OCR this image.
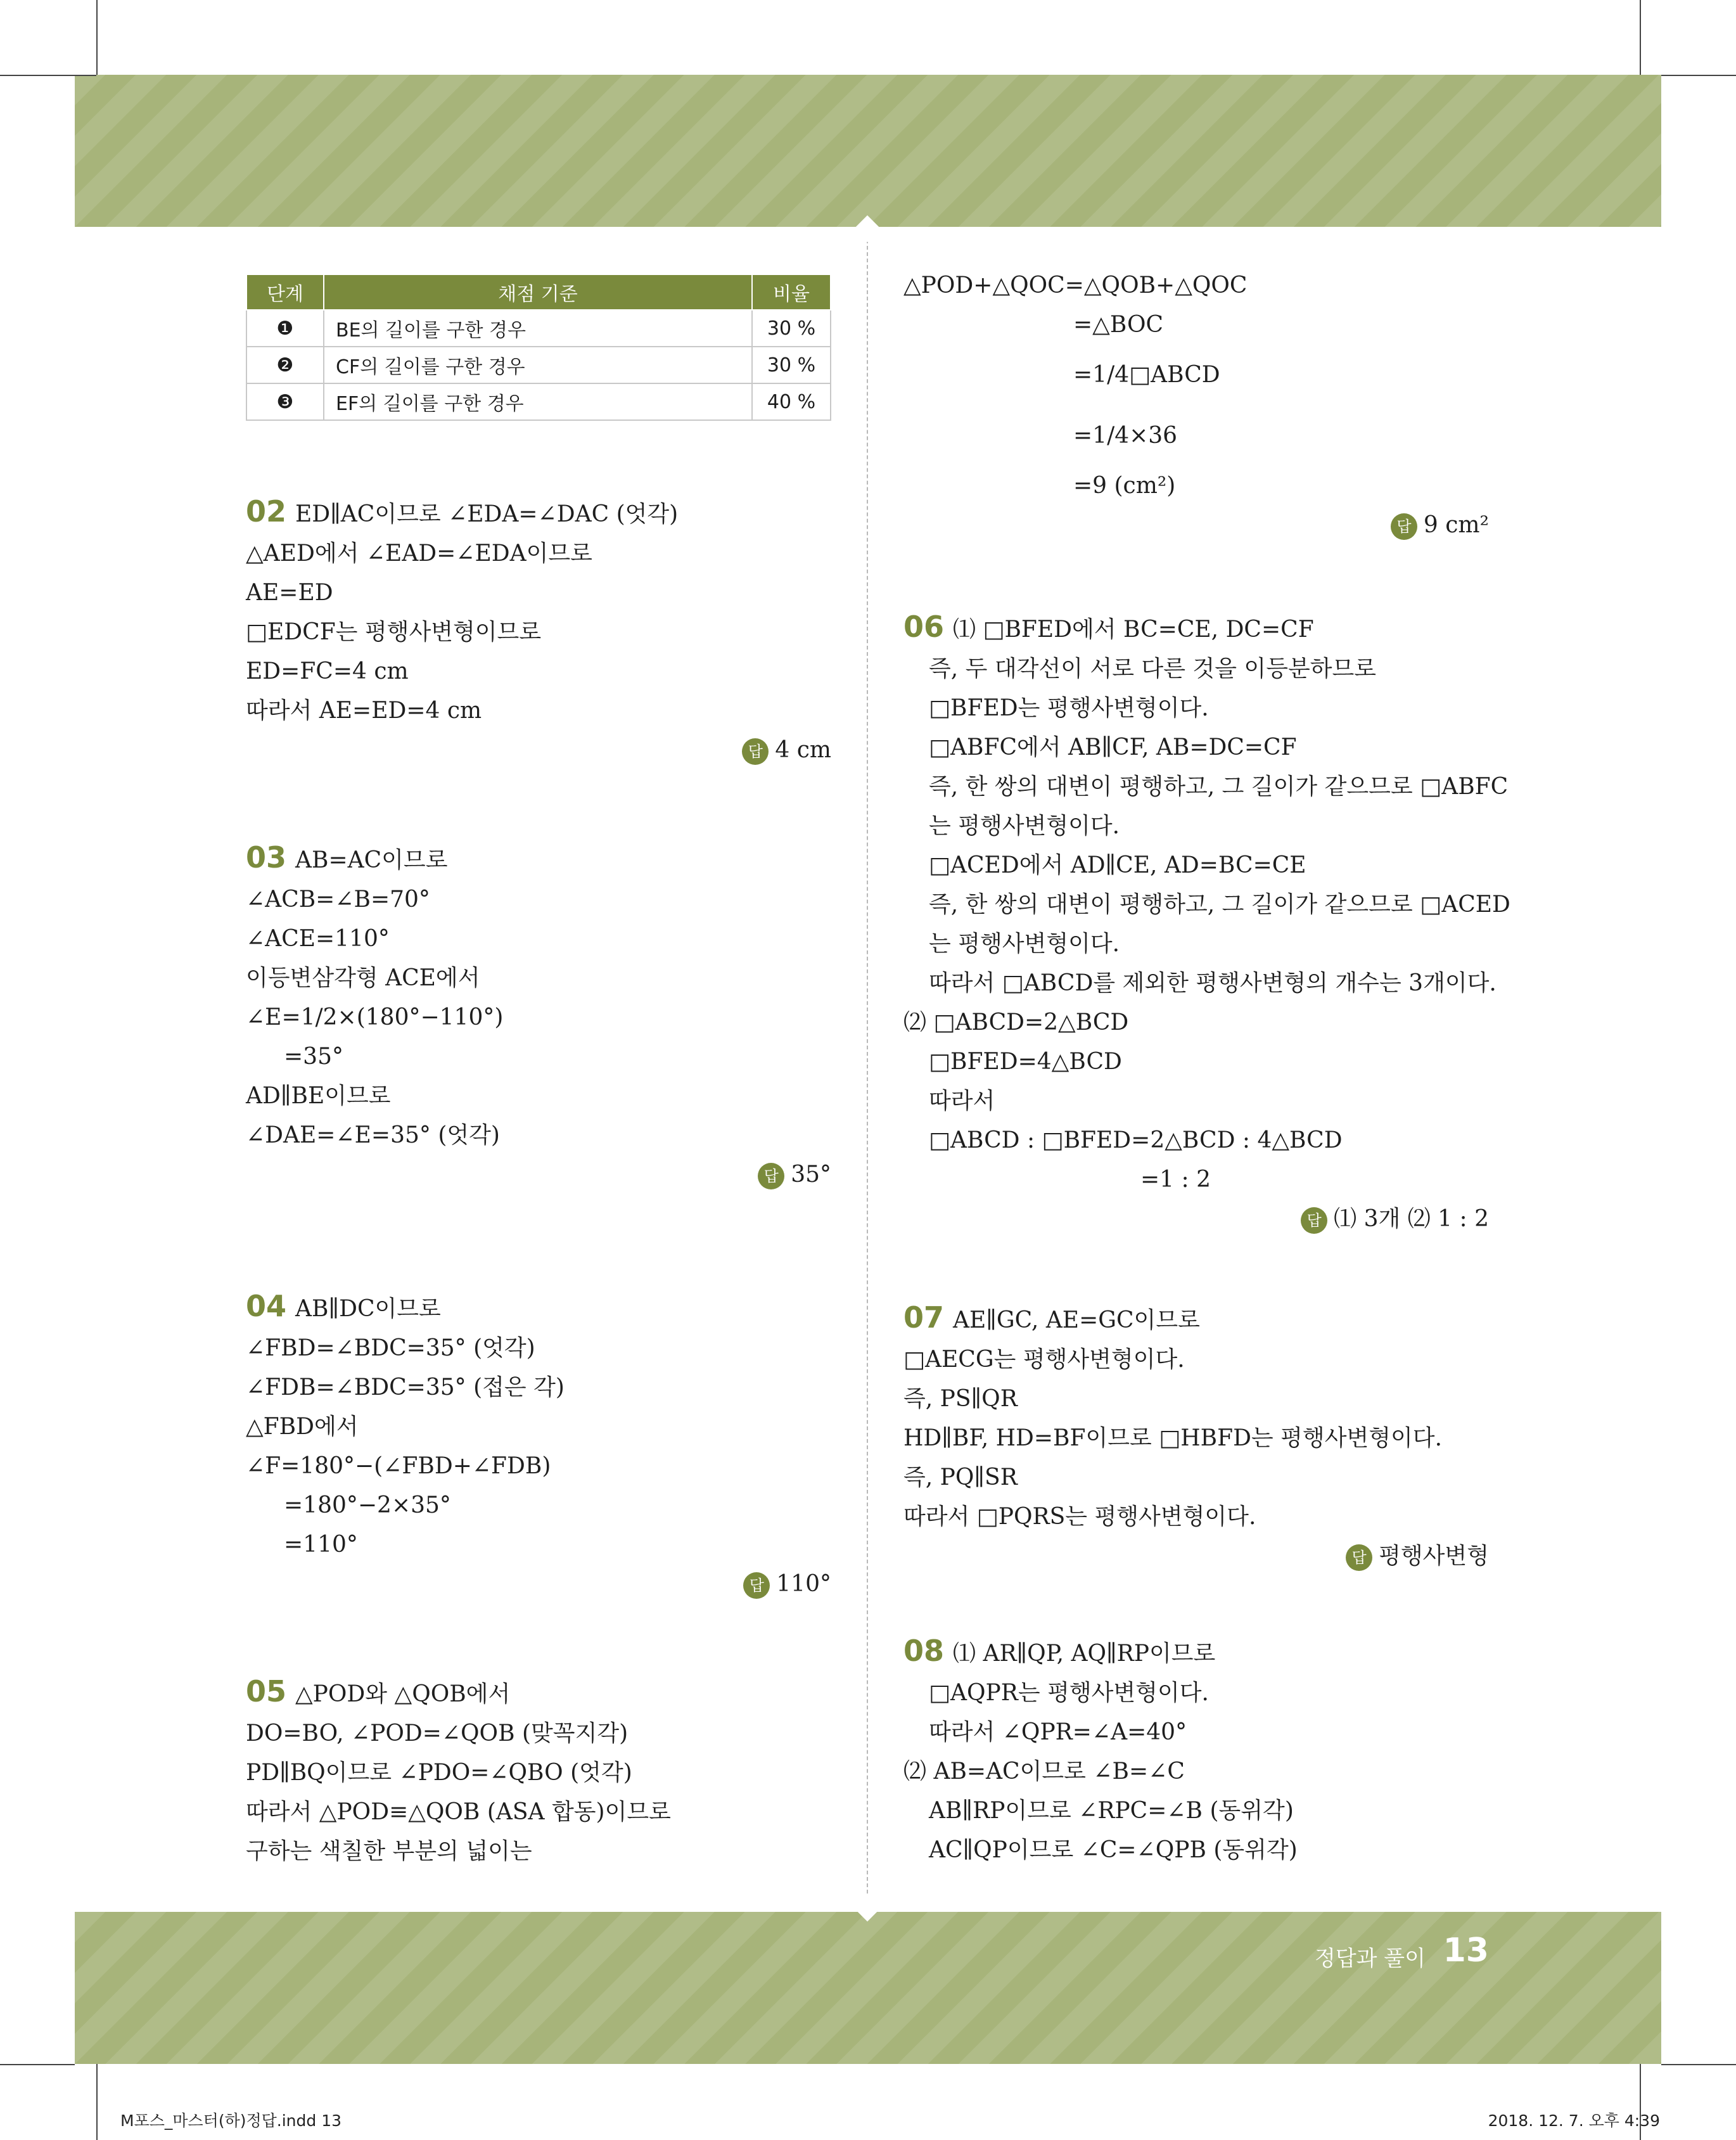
정답과 풀이 13
M포스_마스터(하)정답.indd 13	2018. 12. 7. 오후 4:39
단계	채점 기준	비율
❶	BE의 길이를 구한 경우	30 %
❷	CF의 길이를 구한 경우	30 %
❸	EF의 길이를 구한 경우	40 %
02 ED∥AC이므로 ∠EDA=∠DAC (엇각)
△AED에서 ∠EAD=∠EDA이므로
AE=ED
□EDCF는 평행사변형이므로
ED=FC=4 cm
따라서 AE=ED=4 cm
답 4 cm
03 AB=AC이므로
∠ACB=∠B=70°
∠ACE=110°
이등변삼각형 ACE에서
∠E=1/2×(180°−110°)
=35°
AD∥BE이므로
∠DAE=∠E=35° (엇각)
답 35°
04 AB∥DC이므로
∠FBD=∠BDC=35° (엇각)
∠FDB=∠BDC=35° (접은 각)
△FBD에서
∠F=180°−(∠FBD+∠FDB)
=180°−2×35°
=110°
답 110°
05 △POD와 △QOB에서
DO=BO, ∠POD=∠QOB (맞꼭지각)
PD∥BQ이므로 ∠PDO=∠QBO (엇각)
따라서 △POD≡△QOB (ASA 합동)이므로
구하는 색칠한 부분의 넓이는
△POD+△QOC=△QOB+△QOC
=△BOC
=1/4□ABCD
=1/4×36
=9 (cm²)
답 9 cm²
06 ⑴ □BFED에서 BC=CE, DC=CF
즉, 두 대각선이 서로 다른 것을 이등분하므로
□BFED는 평행사변형이다.
□ABFC에서 AB∥CF, AB=DC=CF
즉, 한 쌍의 대변이 평행하고, 그 길이가 같으므로 □ABFC
는 평행사변형이다.
□ACED에서 AD∥CE, AD=BC=CE
즉, 한 쌍의 대변이 평행하고, 그 길이가 같으므로 □ACED
는 평행사변형이다.
따라서 □ABCD를 제외한 평행사변형의 개수는 3개이다.
⑵ □ABCD=2△BCD
□BFED=4△BCD
따라서
□ABCD : □BFED=2△BCD : 4△BCD
=1 : 2
답 ⑴ 3개 ⑵ 1 : 2
07 AE∥GC, AE=GC이므로
□AECG는 평행사변형이다.
즉, PS∥QR
HD∥BF, HD=BF이므로 □HBFD는 평행사변형이다.
즉, PQ∥SR
따라서 □PQRS는 평행사변형이다.
답 평행사변형
08 ⑴ AR∥QP, AQ∥RP이므로
□AQPR는 평행사변형이다.
따라서 ∠QPR=∠A=40°
⑵ AB=AC이므로 ∠B=∠C
AB∥RP이므로 ∠RPC=∠B (동위각)
AC∥QP이므로 ∠C=∠QPB (동위각)
